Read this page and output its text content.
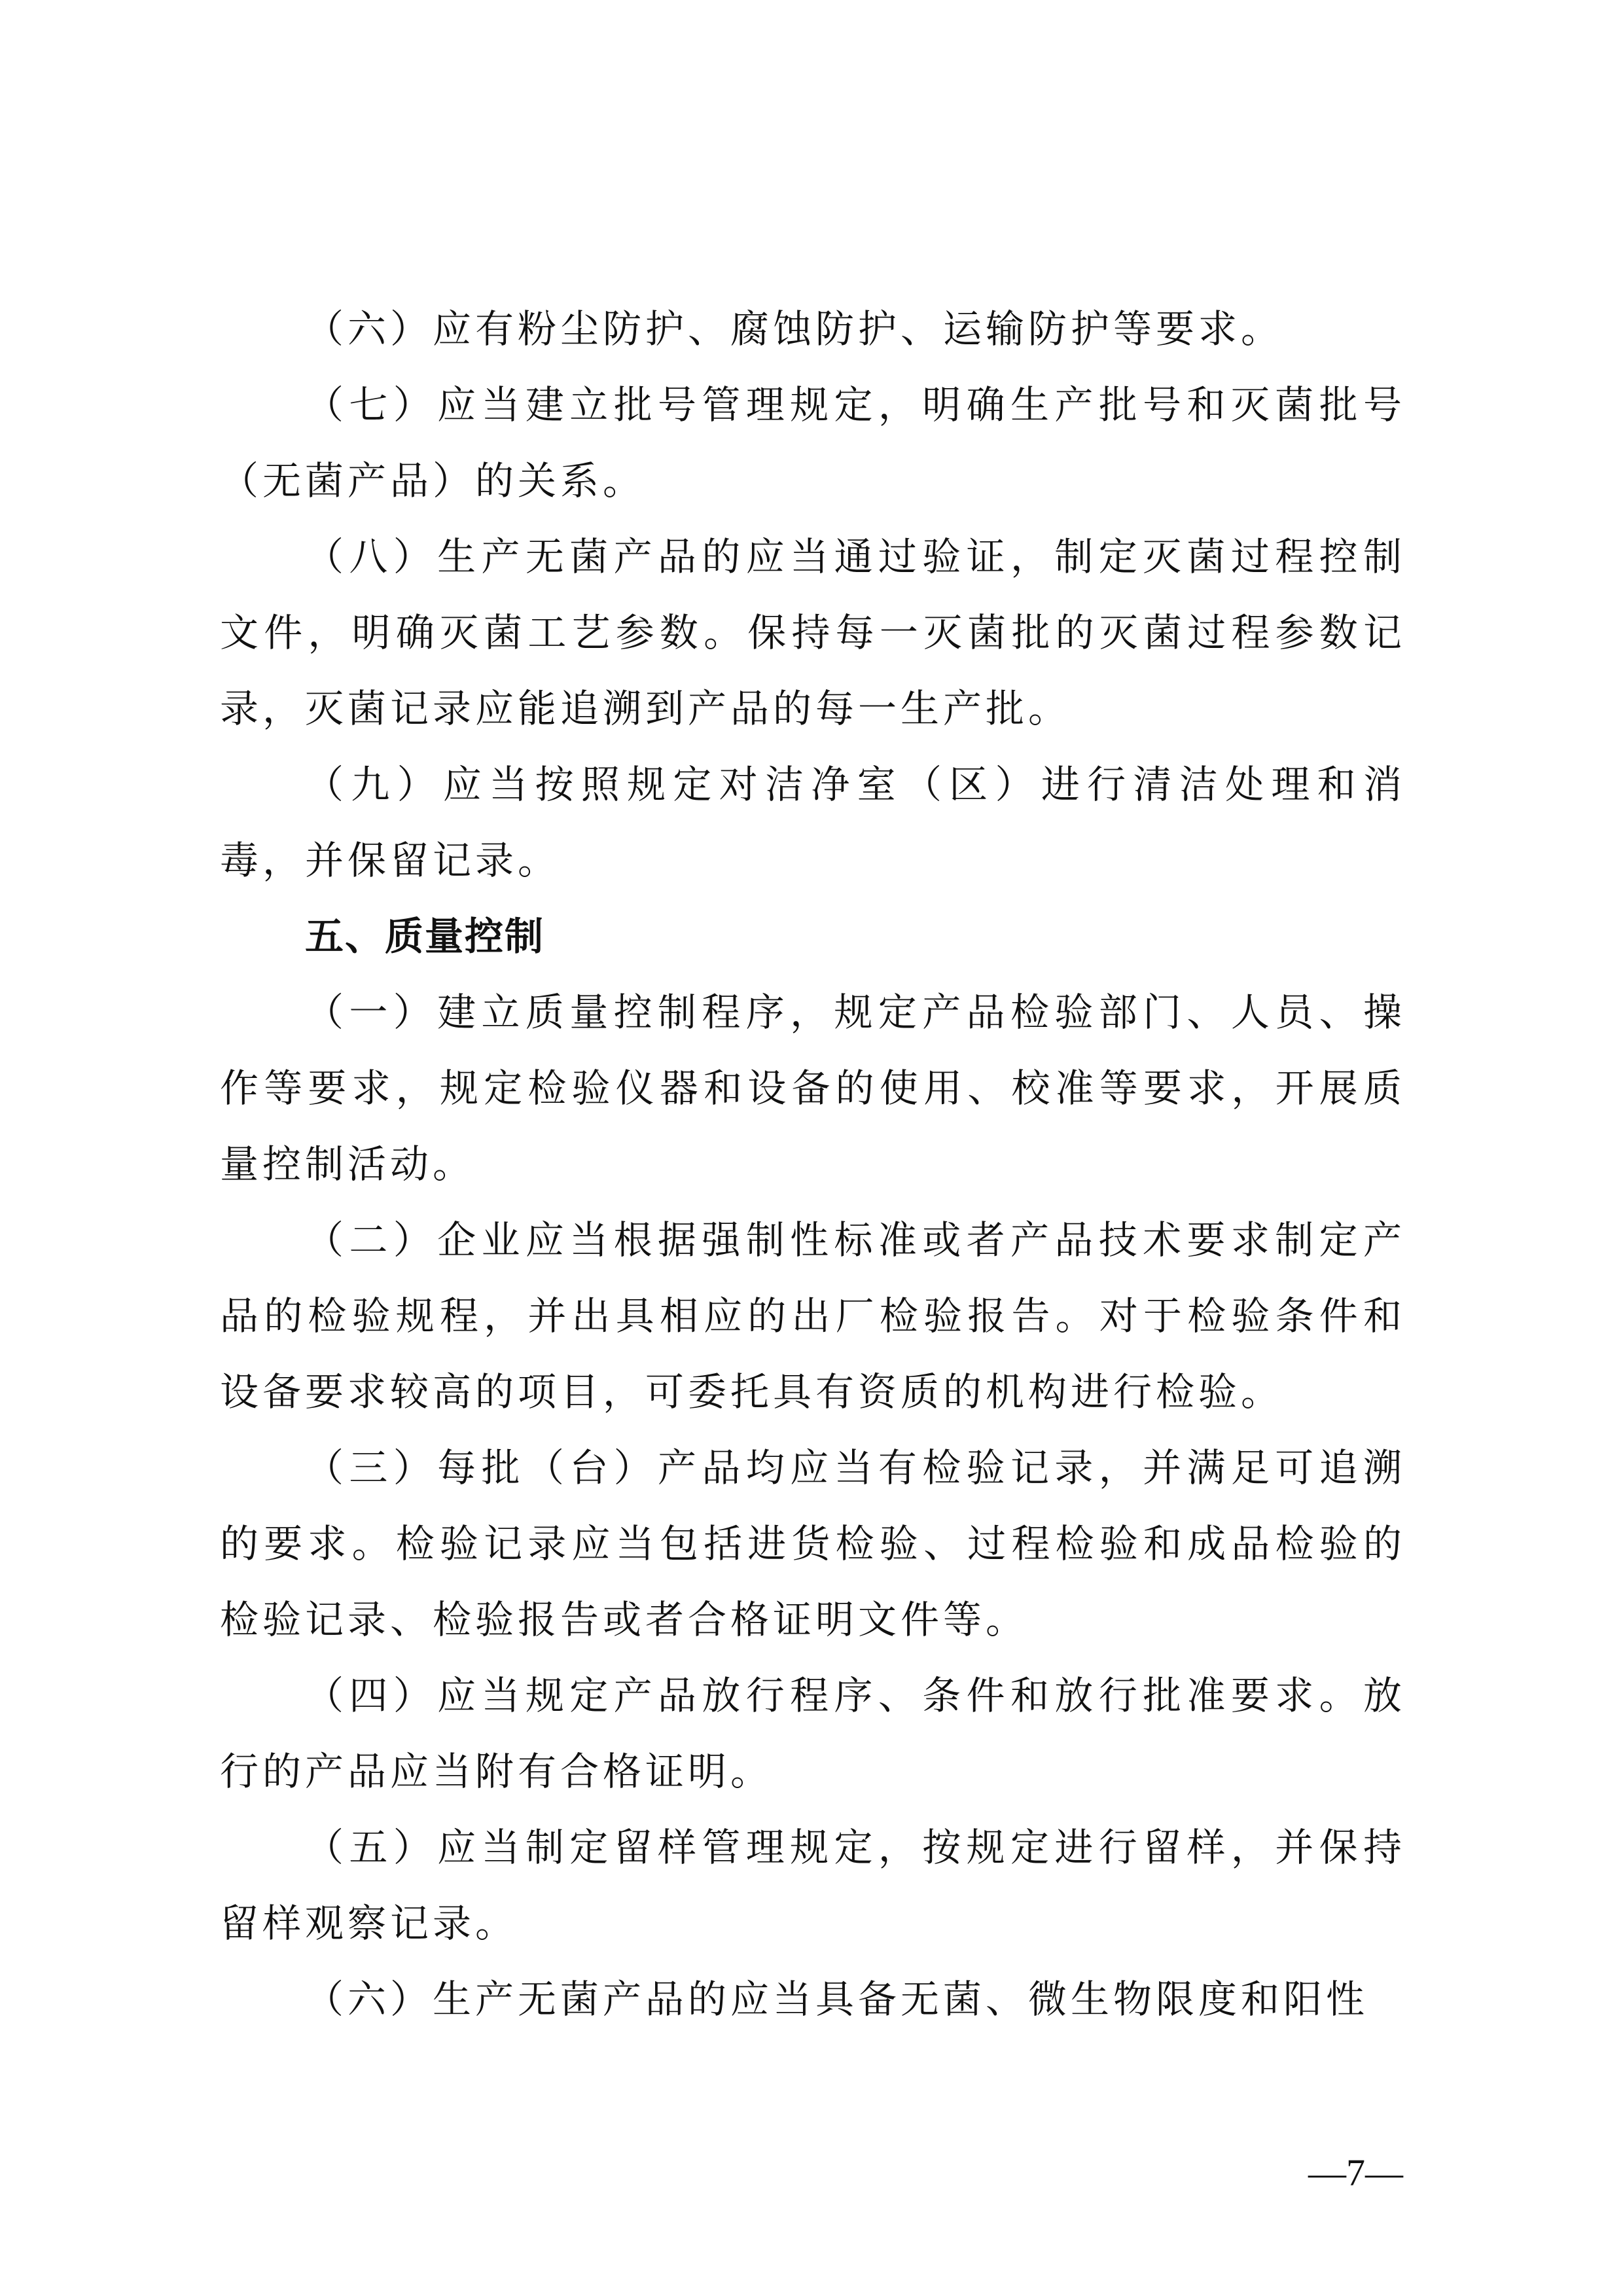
（六）应有粉尘防护、腐蚀防护、运输防护等要求。

（七）应当建立批号管理规定，明确生产批号和灭菌批号（无菌产品）的关系。

（八）生产无菌产品的应当通过验证，制定灭菌过程控制文件，明确灭菌工艺参数。保持每一灭菌批的灭菌过程参数记录，灭菌记录应能追溯到产品的每一生产批。

（九）应当按照规定对洁净室（区）进行清洁处理和消毒，并保留记录。

五、质量控制

（一）建立质量控制程序，规定产品检验部门、人员、操作等要求，规定检验仪器和设备的使用、校准等要求，开展质量控制活动。

（二）企业应当根据强制性标准或者产品技术要求制定产品的检验规程，并出具相应的出厂检验报告。对于检验条件和设备要求较高的项目，可委托具有资质的机构进行检验。

（三）每批（台）产品均应当有检验记录，并满足可追溯的要求。检验记录应当包括进货检验、过程检验和成品检验的检验记录、检验报告或者合格证明文件等。

（四）应当规定产品放行程序、条件和放行批准要求。放行的产品应当附有合格证明。

（五）应当制定留样管理规定，按规定进行留样，并保持留样观察记录。

（六）生产无菌产品的应当具备无菌、微生物限度和阳性

—7—
